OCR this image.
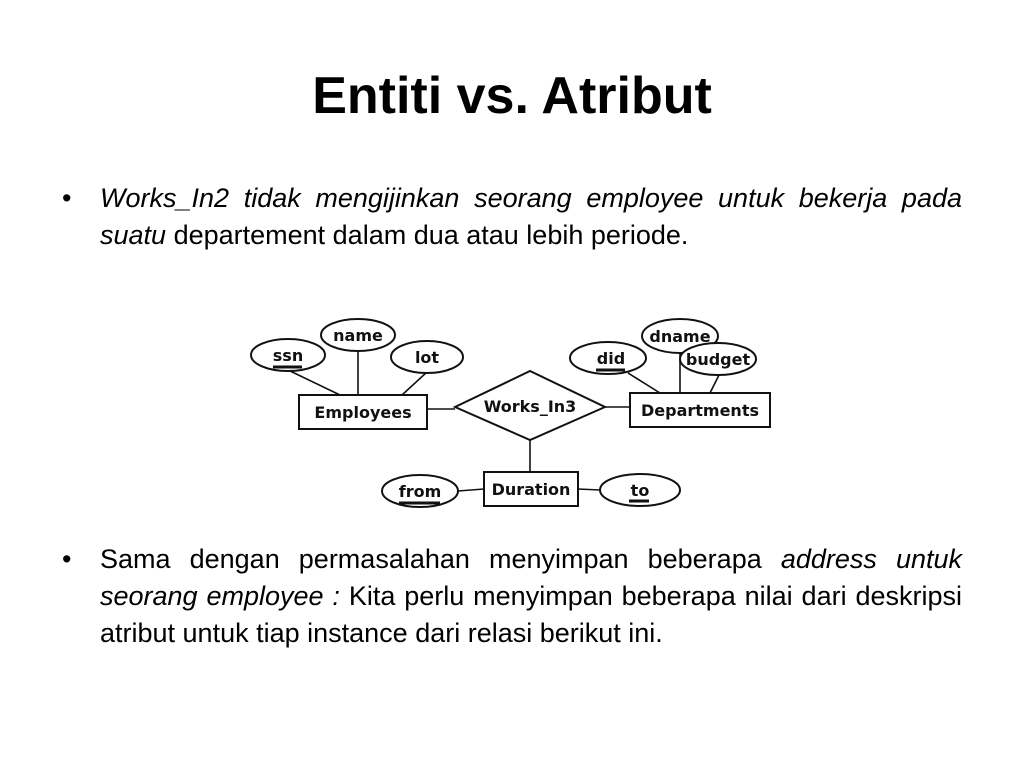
Entiti vs. Atribut
•	Works_In2 tidak mengijinkan seorang employee untuk bekerja pada suatu departement dalam dua atau lebih periode.
ssn
name
lot	did
dname
budget
from	to
Employees	Departments
Duration
Works_In3
•	Sama dengan permasalahan menyimpan beberapa address untuk   seorang employee : Kita perlu menyimpan beberapa nilai dari deskripsi atribut untuk tiap instance dari relasi berikut ini.
